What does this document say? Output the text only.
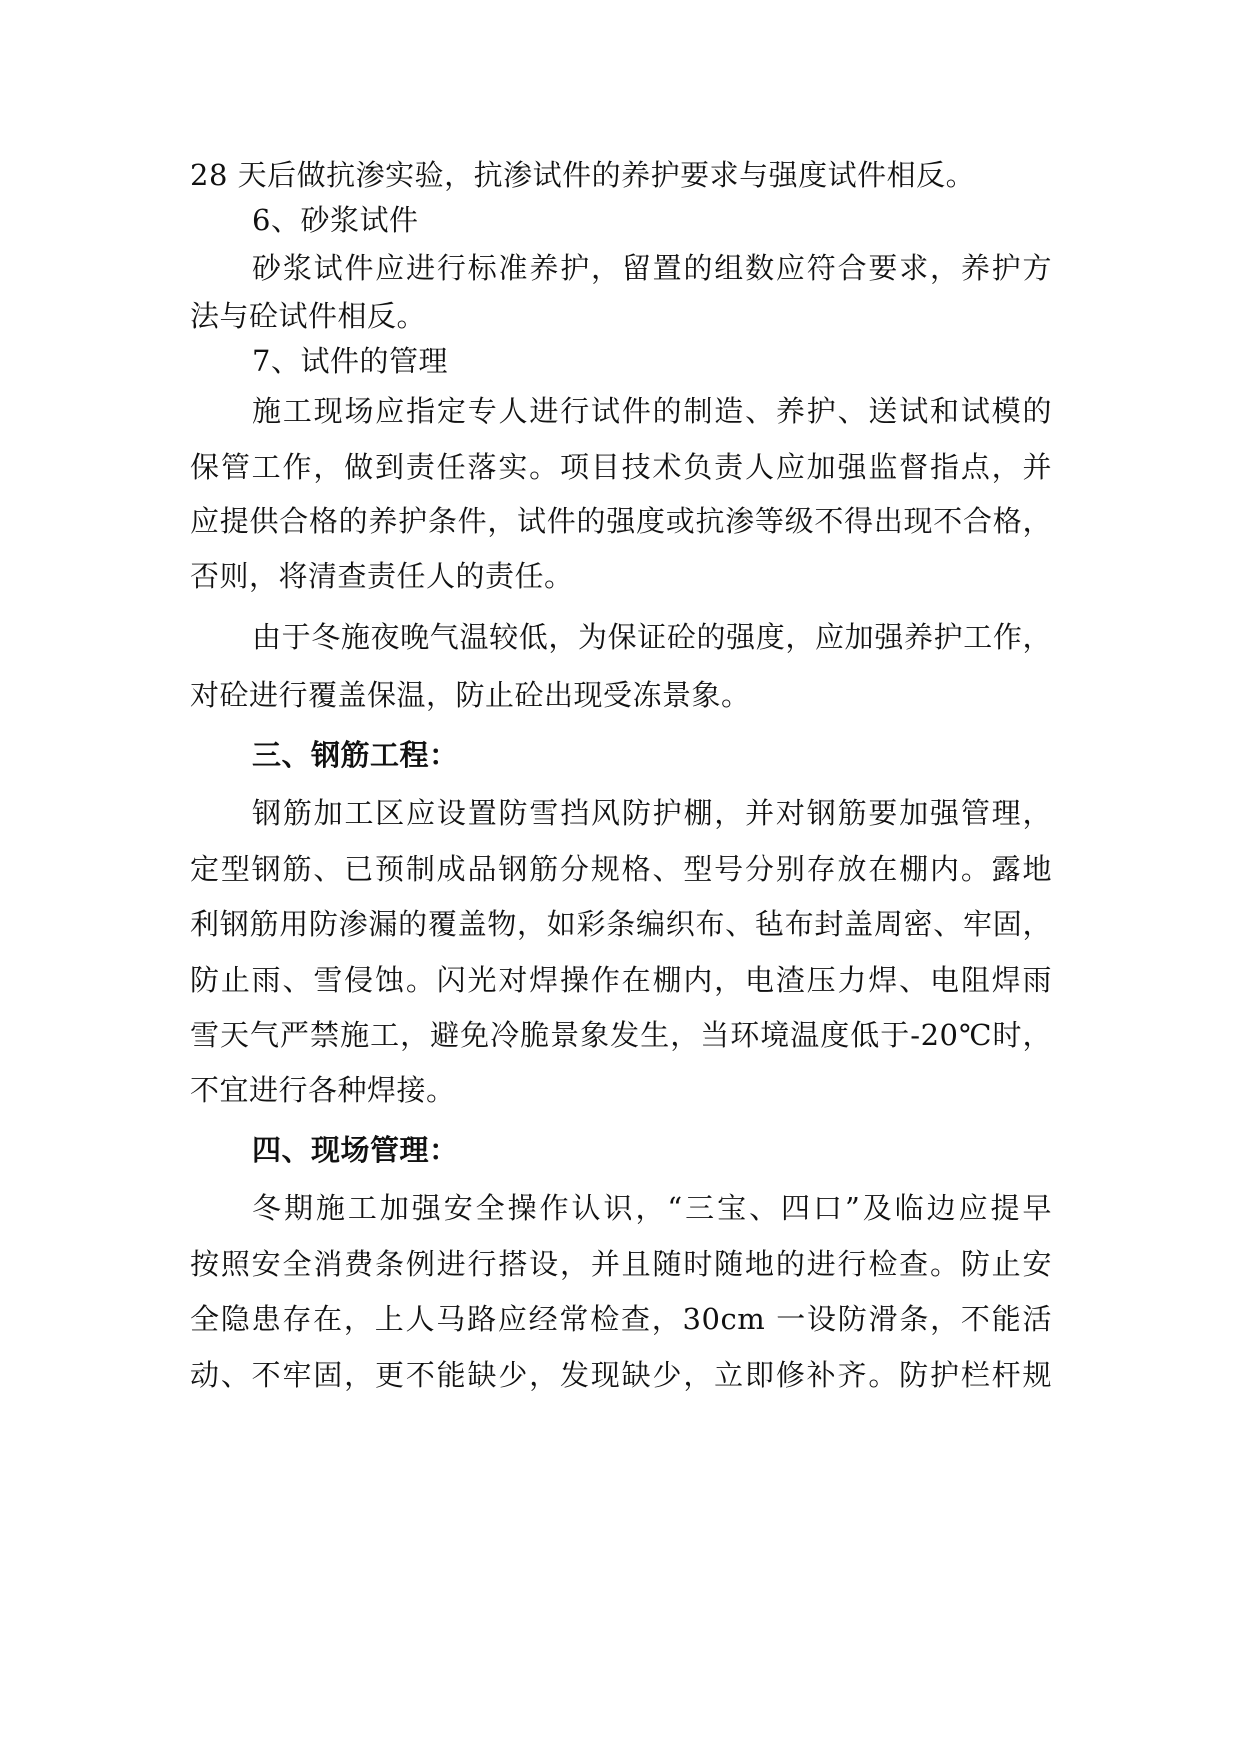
28 天后做抗渗实验，抗渗试件的养护要求与强度试件相反。
6、砂浆试件
砂浆试件应进行标准养护，留置的组数应符合要求，养护方
法与砼试件相反。
7、试件的管理
施工现场应指定专人进行试件的制造、养护、送试和试模的
保管工作，做到责任落实。项目技术负责人应加强监督指点，并
应提供合格的养护条件，试件的强度或抗渗等级不得出现不合格，
否则，将清查责任人的责任。
由于冬施夜晚气温较低，为保证砼的强度，应加强养护工作，
对砼进行覆盖保温，防止砼出现受冻景象。
三、钢筋工程：
钢筋加工区应设置防雪挡风防护棚，并对钢筋要加强管理，
定型钢筋、已预制成品钢筋分规格、型号分别存放在棚内。露地
利钢筋用防渗漏的覆盖物，如彩条编织布、毡布封盖周密、牢固，
防止雨、雪侵蚀。闪光对焊操作在棚内，电渣压力焊、电阻焊雨
雪天气严禁施工，避免冷脆景象发生，当环境温度低于-20℃时，
不宜进行各种焊接。
四、现场管理：
冬期施工加强安全操作认识，“三宝、四口”及临边应提早
按照安全消费条例进行搭设，并且随时随地的进行检查。防止安
全隐患存在，上人马路应经常检查，30cm 一设防滑条，不能活
动、不牢固，更不能缺少，发现缺少，立即修补齐。防护栏杆规
